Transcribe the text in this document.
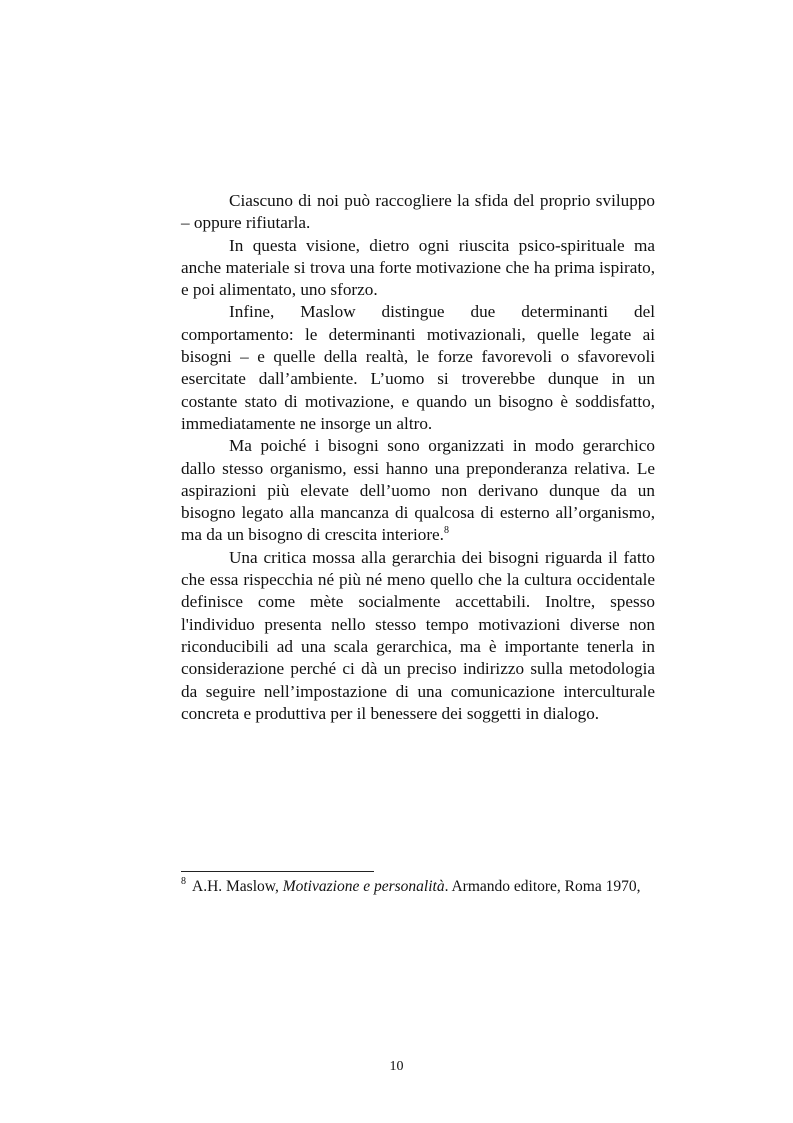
Ciascuno di noi può raccogliere la sfida del proprio sviluppo – oppure rifiutarla.

In questa visione, dietro ogni riuscita psico-spirituale ma anche materiale si trova una forte motivazione che ha prima ispirato, e poi alimentato, uno sforzo.

Infine, Maslow distingue due determinanti del comportamento: le determinanti motivazionali, quelle legate ai bisogni – e quelle della realtà, le forze favorevoli o sfavorevoli esercitate dall’ambiente. L’uomo si troverebbe dunque in un costante stato di motivazione, e quando un bisogno è soddisfatto, immediatamente ne insorge un altro.

Ma poiché i bisogni sono organizzati in modo gerarchico dallo stesso organismo, essi hanno una preponderanza relativa. Le aspirazioni più elevate dell’uomo non derivano dunque da un bisogno legato alla mancanza di qualcosa di esterno all’organismo, ma da un bisogno di crescita interiore.$^8$

Una critica mossa alla gerarchia dei bisogni riguarda il fatto che essa rispecchia né più né meno quello che la cultura occidentale definisce come mète socialmente accettabili. Inoltre, spesso l'individuo presenta nello stesso tempo motivazioni diverse non riconducibili ad una scala gerarchica, ma è importante tenerla in considerazione perché ci dà un preciso indirizzo sulla metodologia da seguire nell’impostazione di una comunicazione interculturale concreta e produttiva per il benessere dei soggetti in dialogo.

$^8$ A.H. Maslow, Motivazione e personalità. Armando editore, Roma 1970,
10
